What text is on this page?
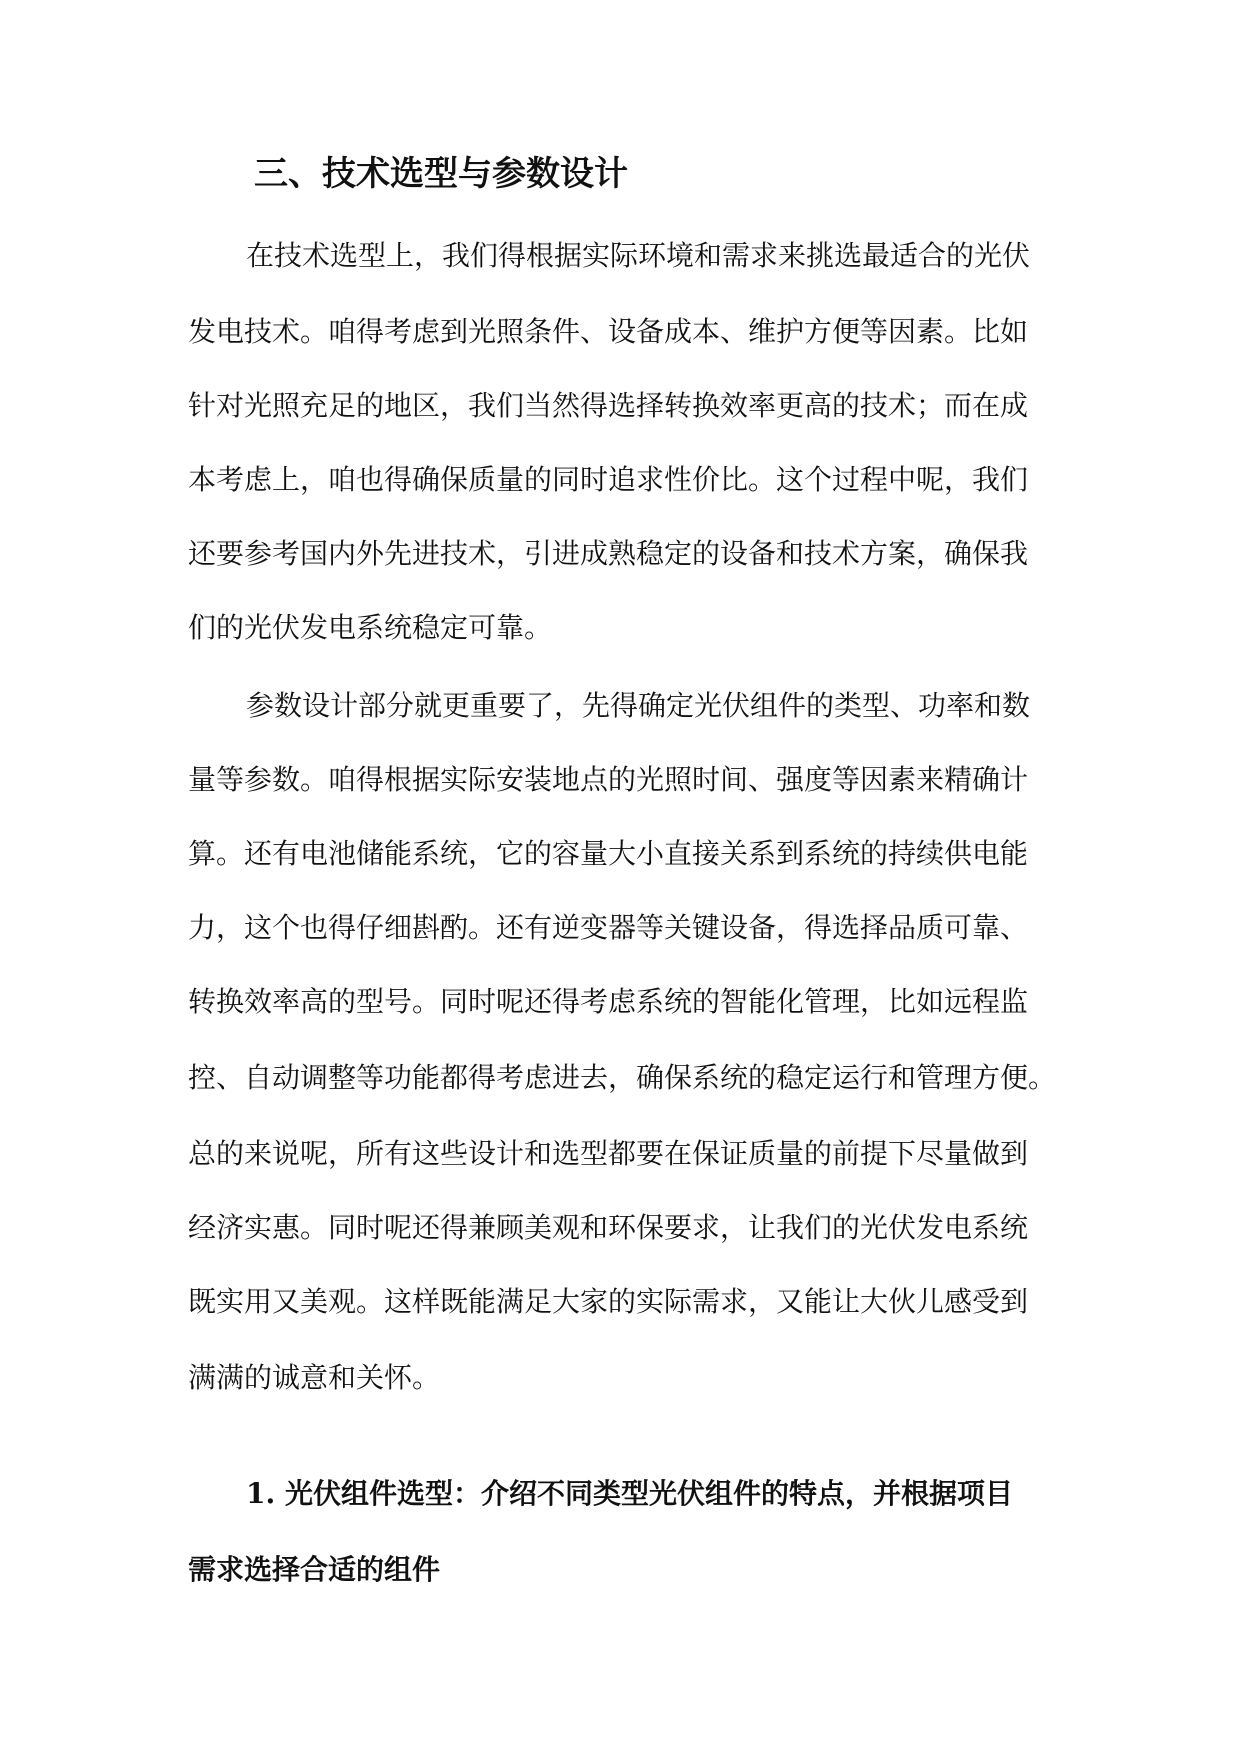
三、技术选型与参数设计

在技术选型上，我们得根据实际环境和需求来挑选最适合的光伏

发电技术。咱得考虑到光照条件、设备成本、维护方便等因素。比如

针对光照充足的地区，我们当然得选择转换效率更高的技术；而在成

本考虑上，咱也得确保质量的同时追求性价比。这个过程中呢，我们

还要参考国内外先进技术，引进成熟稳定的设备和技术方案，确保我

们的光伏发电系统稳定可靠。

参数设计部分就更重要了，先得确定光伏组件的类型、功率和数

量等参数。咱得根据实际安装地点的光照时间、强度等因素来精确计

算。还有电池储能系统，它的容量大小直接关系到系统的持续供电能

力，这个也得仔细斟酌。还有逆变器等关键设备，得选择品质可靠、

转换效率高的型号。同时呢还得考虑系统的智能化管理，比如远程监

控、自动调整等功能都得考虑进去，确保系统的稳定运行和管理方便。

总的来说呢，所有这些设计和选型都要在保证质量的前提下尽量做到

经济实惠。同时呢还得兼顾美观和环保要求，让我们的光伏发电系统

既实用又美观。这样既能满足大家的实际需求，又能让大伙儿感受到

满满的诚意和关怀。

1. 光伏组件选型：介绍不同类型光伏组件的特点，并根据项目

需求选择合适的组件
